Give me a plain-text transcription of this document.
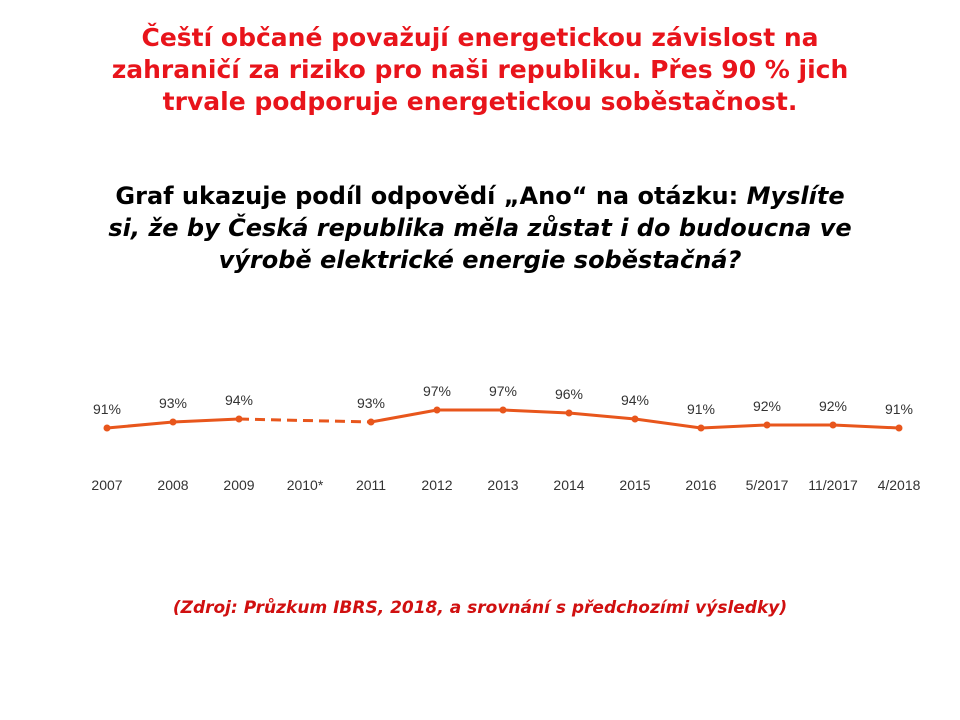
Čeští občané považují energetickou závislost na
zahraničí za riziko pro naši republiku. Přes 90 % jich
trvale podporuje energetickou soběstačnost.
Graf ukazuje podíl odpovědí „Ano“ na otázku: Myslíte
si, že by Česká republika měla zůstat i do budoucna ve
výrobě elektrické energie soběstačná?
91%	93%	94%	93%
97%	97%	96%	94%
91%	92%	92%	91%
2007 2008 2009 2010* 2011	2012 2013 2014 2015 2016 5/2017 11/2017 4/2018
(Zdroj: Průzkum IBRS, 2018, a srovnání s předchozími výsledky)
